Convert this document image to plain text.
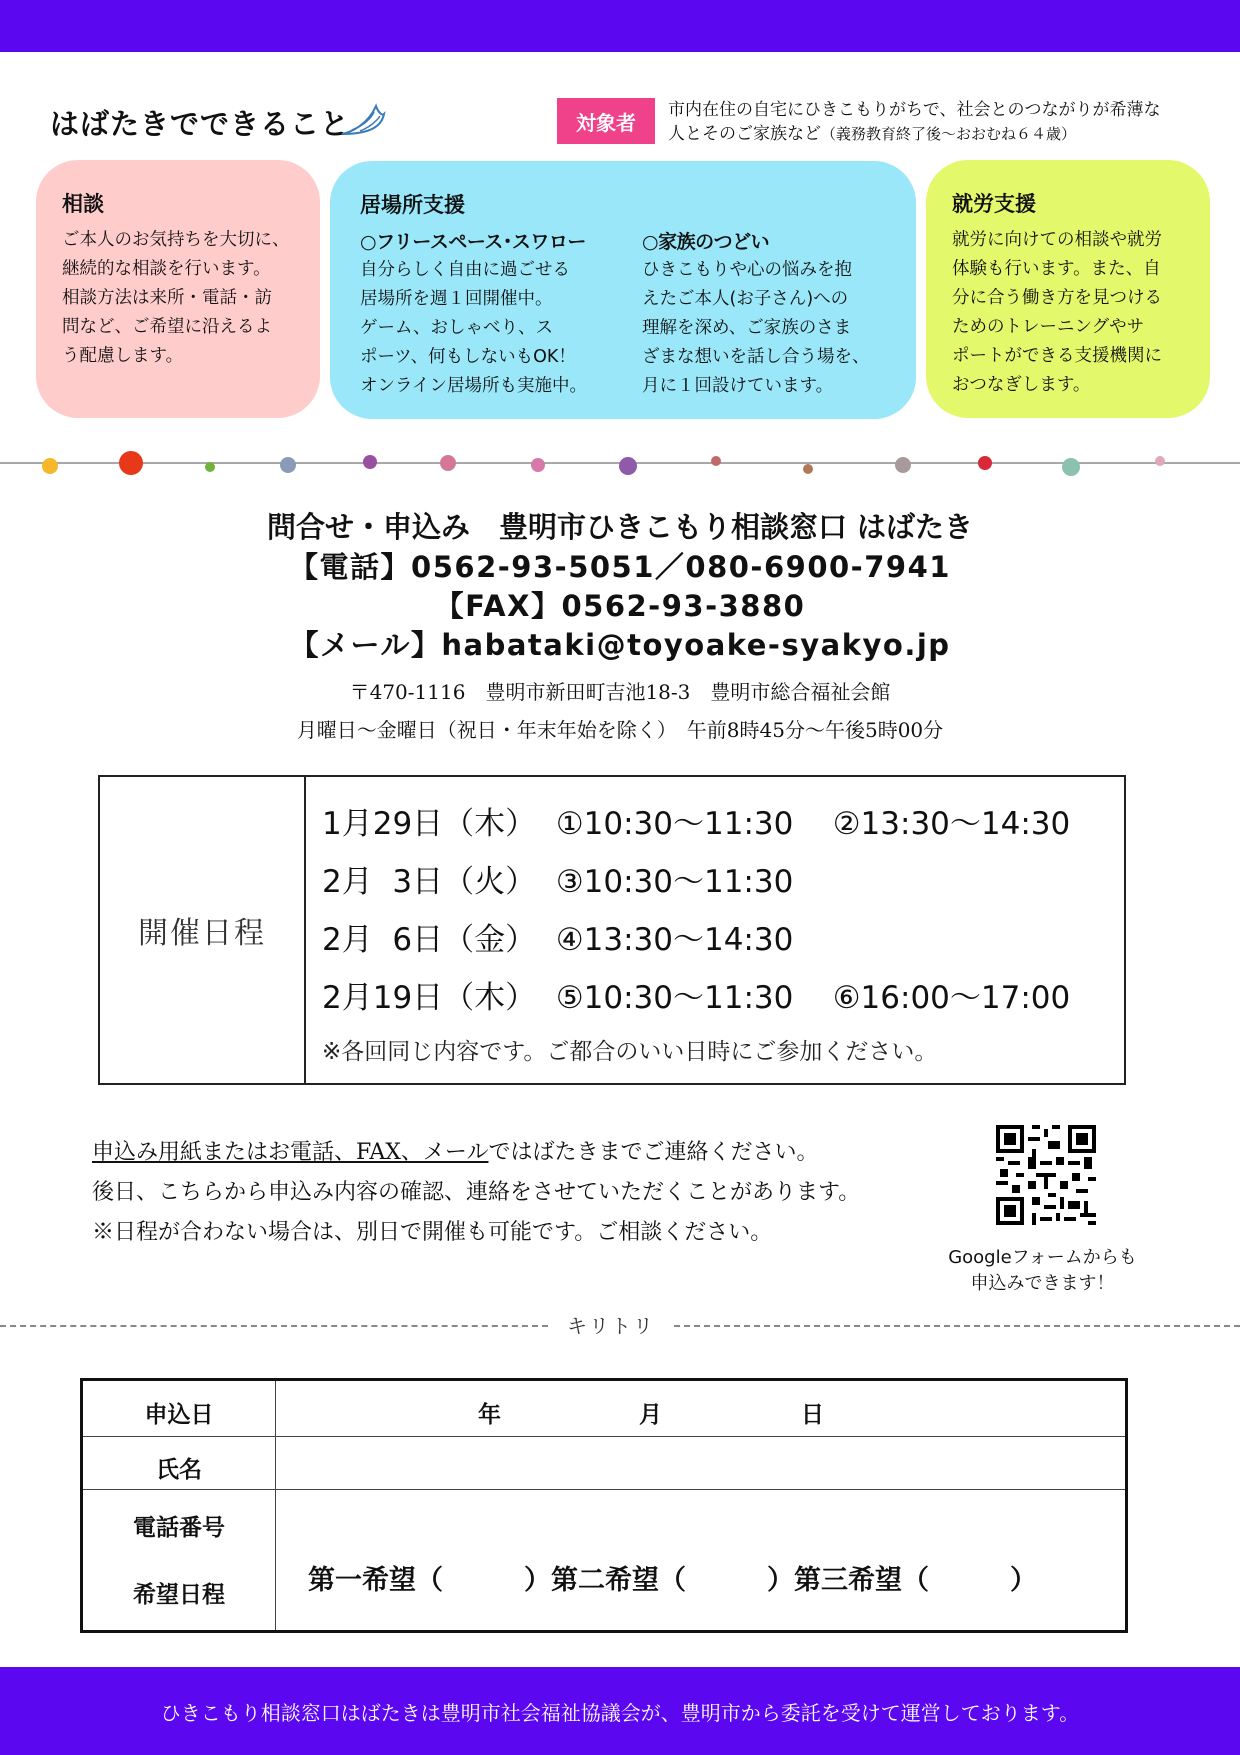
はばたきでできること	対象者
市内在住の自宅にひきこもりがちで、社会とのつながりが希薄な
人とそのご家族など（義務教育終了後～おおむね６４歳）
相談
ご本人のお気持ちを大切に、
継続的な相談を行います。
相談方法は来所・電話・訪
問など、ご希望に沿えるよ
う配慮します。
居場所支援
○フリースペース･スワロー
自分らしく自由に過ごせる
居場所を週１回開催中。
ゲーム、おしゃべり、ス
ポーツ、何もしないもOK！
オンライン居場所も実施中。
○家族のつどい
ひきこもりや心の悩みを抱
えたご本人(お子さん)への
理解を深め、ご家族のさま
ざまな想いを話し合う場を、
月に１回設けています。
就労支援
就労に向けての相談や就労
体験も行います。また、自
分に合う働き方を見つける
ためのトレーニングやサ
ポートができる支援機関に
おつなぎします。
問合せ・申込み　豊明市ひきこもり相談窓口 はばたき
【電話】0562-93-5051／080-6900-7941
【FAX】0562-93-3880
【メール】habataki@toyoake-syakyo.jp
〒470-1116　豊明市新田町吉池18-3　豊明市総合福祉会館
月曜日～金曜日（祝日・年末年始を除く）　午前8時45分～午後5時00分
開催日程
1月29日（木）  ①10:30～11:30    ②13:30～14:30
2月  3日（火）  ③10:30～11:30
2月  6日（金）  ④13:30～14:30
2月19日（木）  ⑤10:30～11:30    ⑥16:00～17:00
※各回同じ内容です。ご都合のいい日時にご参加ください。
申込み用紙またはお電話、FAX、メールではばたきまでご連絡ください。
後日、こちらから申込み内容の確認、連絡をさせていただくことがあります。
※日程が合わない場合は、別日で開催も可能です。ご相談ください。
Googleフォームからも
申込みできます！
キリトリ
申込日	年	月	日
氏名
電話番号
希望日程	第一希望（　　　）第二希望（　　　）第三希望（　　　）
ひきこもり相談窓口はばたきは豊明市社会福祉協議会が、豊明市から委託を受けて運営しております。
